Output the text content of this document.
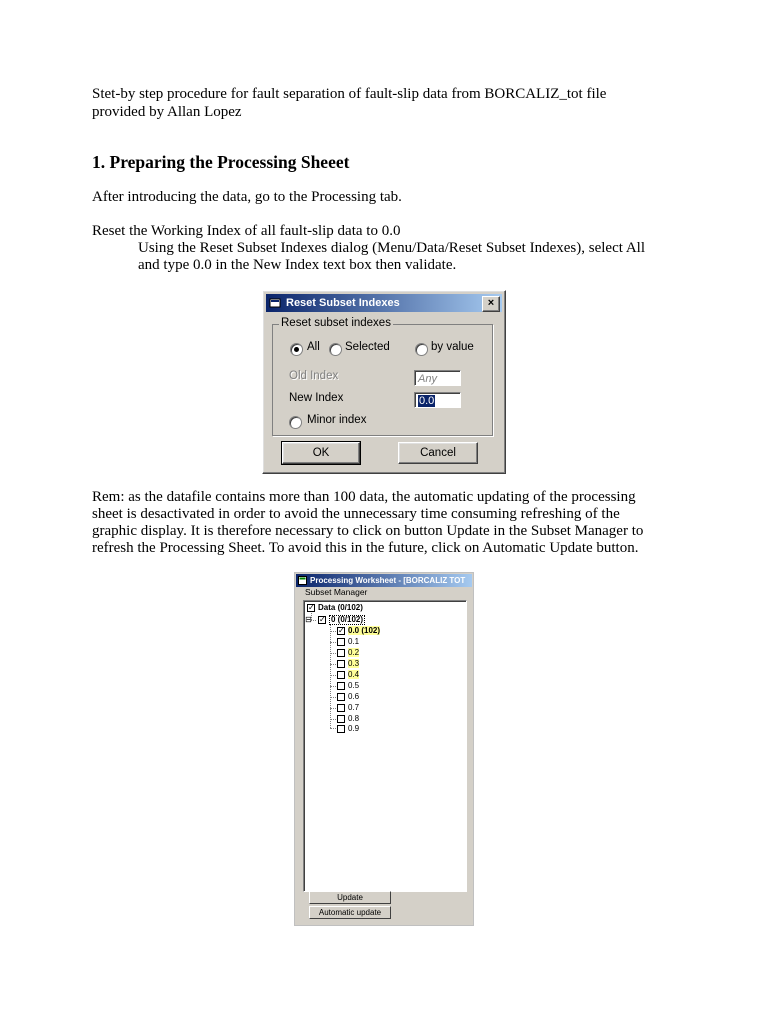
Stet-by step procedure for fault separation of fault-slip data from BORCALIZ_tot file
provided by Allan Lopez
1. Preparing the Processing Sheeet
After introducing the data, go to the Processing tab.
Reset the Working Index of all fault-slip data to 0.0
Using the Reset Subset Indexes dialog (Menu/Data/Reset Subset Indexes), select All
and type 0.0 in the New Index text box then validate.
Reset Subset Indexes	×
Reset subset indexes
All Selected	by value
Old Index	Any
New Index	0.0
Minor index
OK	Cancel
Rem: as the datafile contains more than 100 data, the automatic updating of the processing
sheet is desactivated in order to avoid the unnecessary time consuming refreshing of the
graphic display. It is therefore necessary to click on button Update in the Subset Manager to
refresh the Processing Sheet. To avoid this in the future, click on Automatic Update button.
Processing Worksheet - [BORCALIZ TOT
Subset Manager
✓ Data (0/102)
⊟ ✓ 0 (0/102)
✓ 0.0 (102)
0.1
0.2
0.3
0.4
0.5
0.6
0.7
0.8
0.9
Update
Automatic update
